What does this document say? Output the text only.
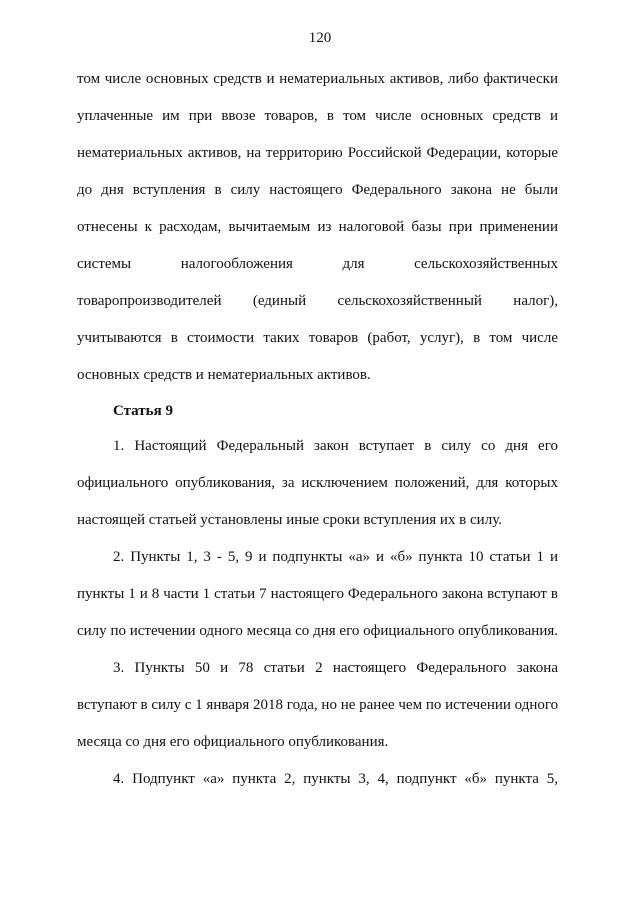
120
том числе основных средств и нематериальных активов, либо фактически
уплаченные им при ввозе товаров, в том числе основных средств и
нематериальных активов, на территорию Российской Федерации, которые
до дня вступления в силу настоящего Федерального закона не были
отнесены к расходам, вычитаемым из налоговой базы при применении
системы налогообложения для сельскохозяйственных
товаропроизводителей (единый сельскохозяйственный налог),
учитываются в стоимости таких товаров (работ, услуг), в том числе
основных средств и нематериальных активов.
Статья 9
1. Настоящий Федеральный закон вступает в силу со дня его
официального опубликования, за исключением положений, для которых
настоящей статьей установлены иные сроки вступления их в силу.
2. Пункты 1, 3 - 5, 9 и подпункты «а» и «б» пункта 10 статьи 1 и
пункты 1 и 8 части 1 статьи 7 настоящего Федерального закона вступают в
силу по истечении одного месяца со дня его официального опубликования.
3. Пункты 50 и 78 статьи 2 настоящего Федерального закона
вступают в силу с 1 января 2018 года, но не ранее чем по истечении одного
месяца со дня его официального опубликования.
4. Подпункт «а» пункта 2, пункты 3, 4, подпункт «б» пункта 5,
